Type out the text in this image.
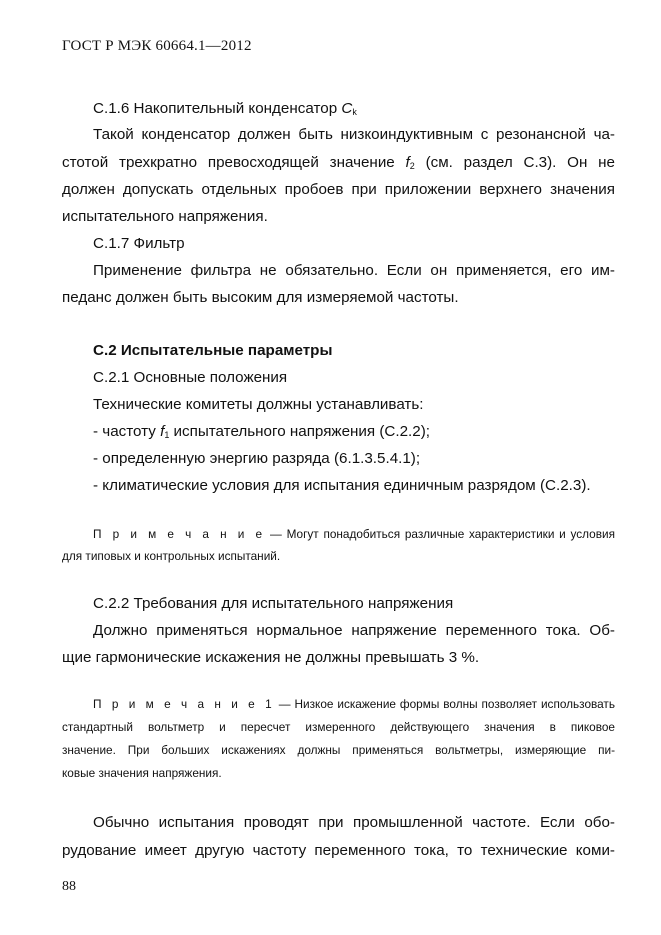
ГОСТ Р МЭК 60664.1—2012
С.1.6 Накопительный конденсатор $C_k$
Такой конденсатор должен быть низкоиндуктивным с резонансной ча-
стотой трехкратно превосходящей значение $f_2$ (см. раздел С.3). Он не
должен допускать отдельных пробоев при приложении верхнего значения
испытательного напряжения.
С.1.7 Фильтр
Применение фильтра не обязательно. Если он применяется, его им-
педанс должен быть высоким для измеряемой частоты.
С.2 Испытательные параметры
С.2.1 Основные положения
Технические комитеты должны устанавливать:
- частоту $f_1$ испытательного напряжения (С.2.2);
- определенную энергию разряда (6.1.3.5.4.1);
- климатические условия для испытания единичным разрядом (С.2.3).
П р и м е ч а н и е — Могут понадобиться различные характеристики и условия
для типовых и контрольных испытаний.
С.2.2 Требования для испытательного напряжения
Должно применяться нормальное напряжение переменного тока. Об-
щие гармонические искажения не должны превышать 3 %.
П р и м е ч а н и е 1 — Низкое искажение формы волны позволяет использовать
стандартный вольтметр и пересчет измеренного действующего значения в пиковое
значение. При больших искажениях должны применяться вольтметры, измеряющие пи-
ковые значения напряжения.
Обычно испытания проводят при промышленной частоте. Если обо-
рудование имеет другую частоту переменного тока, то технические коми-
88
